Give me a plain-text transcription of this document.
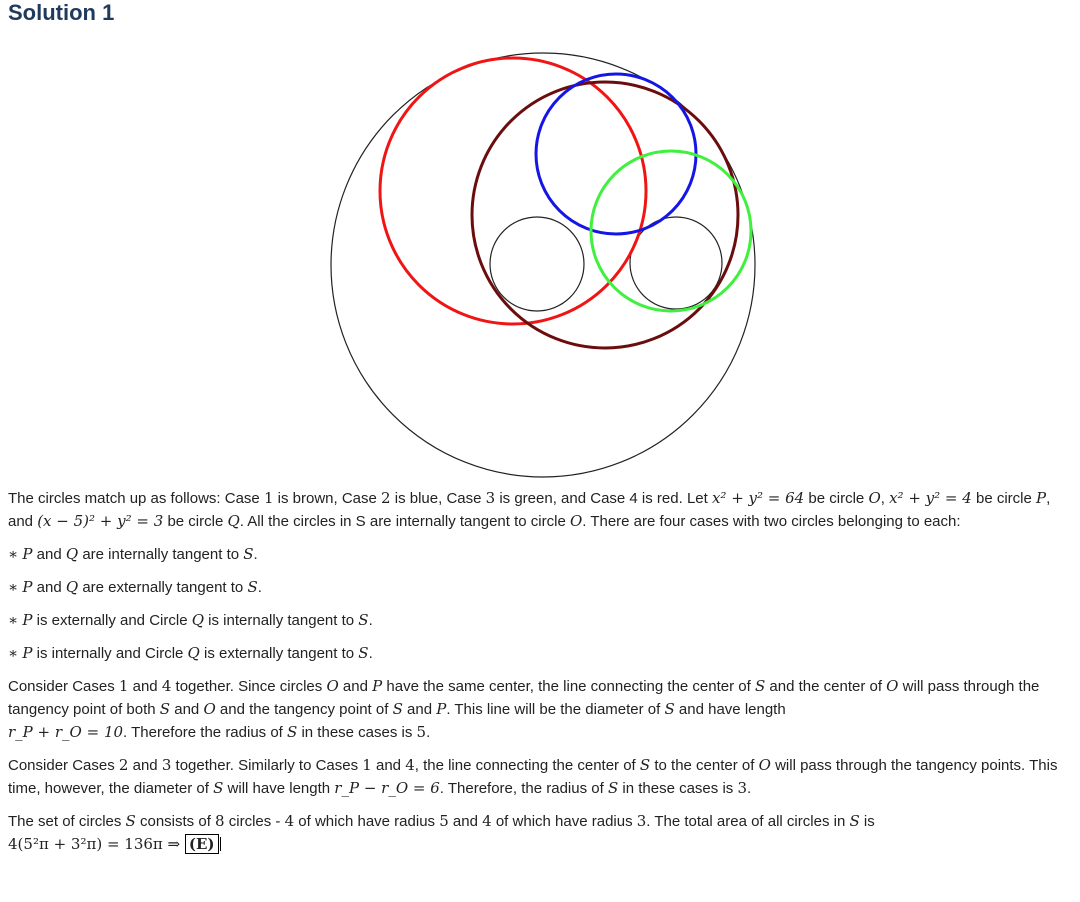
Solution 1

The circles match up as follows: Case 1 is brown, Case 2 is blue, Case 3 is green, and Case 4 is red. Let x² + y² = 64 be circle O, x² + y² = 4 be circle P, and (x − 5)² + y² = 3 be circle Q. All the circles in S are internally tangent to circle O. There are four cases with two circles belonging to each:

∗ P and Q are internally tangent to S.

∗ P and Q are externally tangent to S.

∗ P is externally and Circle Q is internally tangent to S.

∗ P is internally and Circle Q is externally tangent to S.

Consider Cases 1 and 4 together. Since circles O and P have the same center, the line connecting the center of S and the center of O will pass through the tangency point of both S and O and the tangency point of S and P. This line will be the diameter of S and have length
r_P + r_O = 10. Therefore the radius of S in these cases is 5.

Consider Cases 2 and 3 together. Similarly to Cases 1 and 4, the line connecting the center of S to the center of O will pass through the tangency points. This time, however, the diameter of S will have length r_P − r_O = 6. Therefore, the radius of S in these cases is 3.

The set of circles S consists of 8 circles - 4 of which have radius 5 and 4 of which have radius 3. The total area of all circles in S is
4(5²π + 3²π) = 136π ⇒ (E)
